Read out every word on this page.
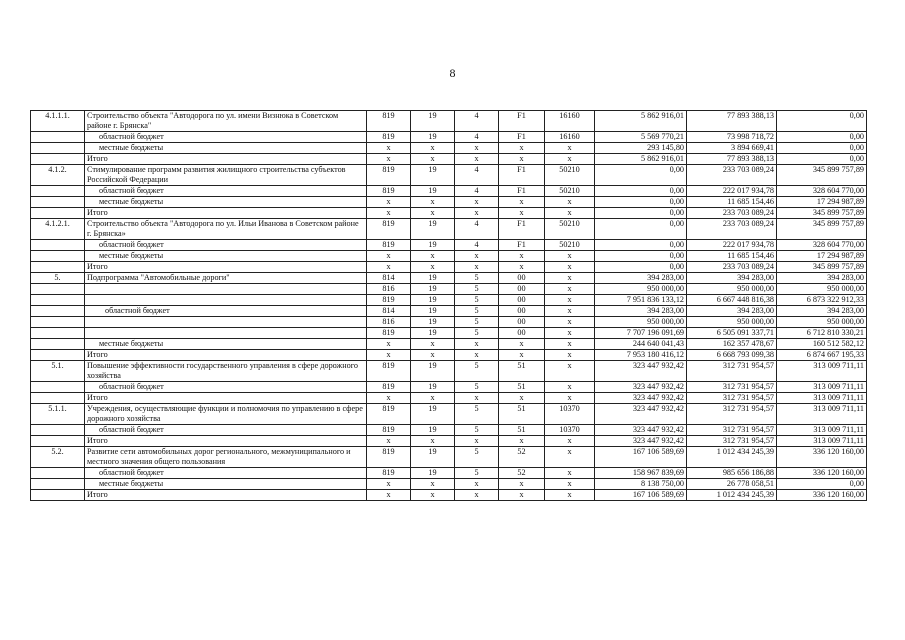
8
4.1.1.1.	Строительство объекта "Автодорога по ул. имени Визнюка в Советском районе г. Брянска"	819	19	4	F1	16160	5 862 916,01	77 893 388,13	0,00
	областной бюджет	819	19	4	F1	16160	5 569 770,21	73 998 718,72	0,00
	местные бюджеты	x	x	x	x	x	293 145,80	3 894 669,41	0,00
	Итого	x	x	x	x	x	5 862 916,01	77 893 388,13	0,00
4.1.2.	Стимулирование программ развития жилищного строительства субъектов Российской Федерации	819	19	4	F1	50210	0,00	233 703 089,24	345 899 757,89
	областной бюджет	819	19	4	F1	50210	0,00	222 017 934,78	328 604 770,00
	местные бюджеты	x	x	x	x	x	0,00	11 685 154,46	17 294 987,89
	Итого	x	x	x	x	x	0,00	233 703 089,24	345 899 757,89
4.1.2.1.	Строительство объекта "Автодорога по ул. Ильи Иванова в Советском районе г. Брянска»	819	19	4	F1	50210	0,00	233 703 089,24	345 899 757,89
	областной бюджет	819	19	4	F1	50210	0,00	222 017 934,78	328 604 770,00
	местные бюджеты	x	x	x	x	x	0,00	11 685 154,46	17 294 987,89
	Итого	x	x	x	x	x	0,00	233 703 089,24	345 899 757,89
5.	Подпрограмма "Автомобильные дороги"	814	19	5	00	x	394 283,00	394 283,00	394 283,00
		816	19	5	00	x	950 000,00	950 000,00	950 000,00
		819	19	5	00	x	7 951 836 133,12	6 667 448 816,38	6 873 322 912,33
	областной бюджет	814	19	5	00	x	394 283,00	394 283,00	394 283,00
		816	19	5	00	x	950 000,00	950 000,00	950 000,00
		819	19	5	00	x	7 707 196 091,69	6 505 091 337,71	6 712 810 330,21
	местные бюджеты	x	x	x	x	x	244 640 041,43	162 357 478,67	160 512 582,12
	Итого	x	x	x	x	x	7 953 180 416,12	6 668 793 099,38	6 874 667 195,33
5.1.	Повышение эффективности государственного управления в сфере дорожного хозяйства	819	19	5	51	x	323 447 932,42	312 731 954,57	313 009 711,11
	областной бюджет	819	19	5	51	x	323 447 932,42	312 731 954,57	313 009 711,11
	Итого	x	x	x	x	x	323 447 932,42	312 731 954,57	313 009 711,11
5.1.1.	Учреждения, осуществляющие функции и полномочия по управлению в сфере дорожного хозяйства	819	19	5	51	10370	323 447 932,42	312 731 954,57	313 009 711,11
	областной бюджет	819	19	5	51	10370	323 447 932,42	312 731 954,57	313 009 711,11
	Итого	x	x	x	x	x	323 447 932,42	312 731 954,57	313 009 711,11
5.2.	Развитие сети автомобильных дорог регионального, межмуниципального и местного значения общего пользования	819	19	5	52	x	167 106 589,69	1 012 434 245,39	336 120 160,00
	областной бюджет	819	19	5	52	x	158 967 839,69	985 656 186,88	336 120 160,00
	местные бюджеты	x	x	x	x	x	8 138 750,00	26 778 058,51	0,00
	Итого	x	x	x	x	x	167 106 589,69	1 012 434 245,39	336 120 160,00
